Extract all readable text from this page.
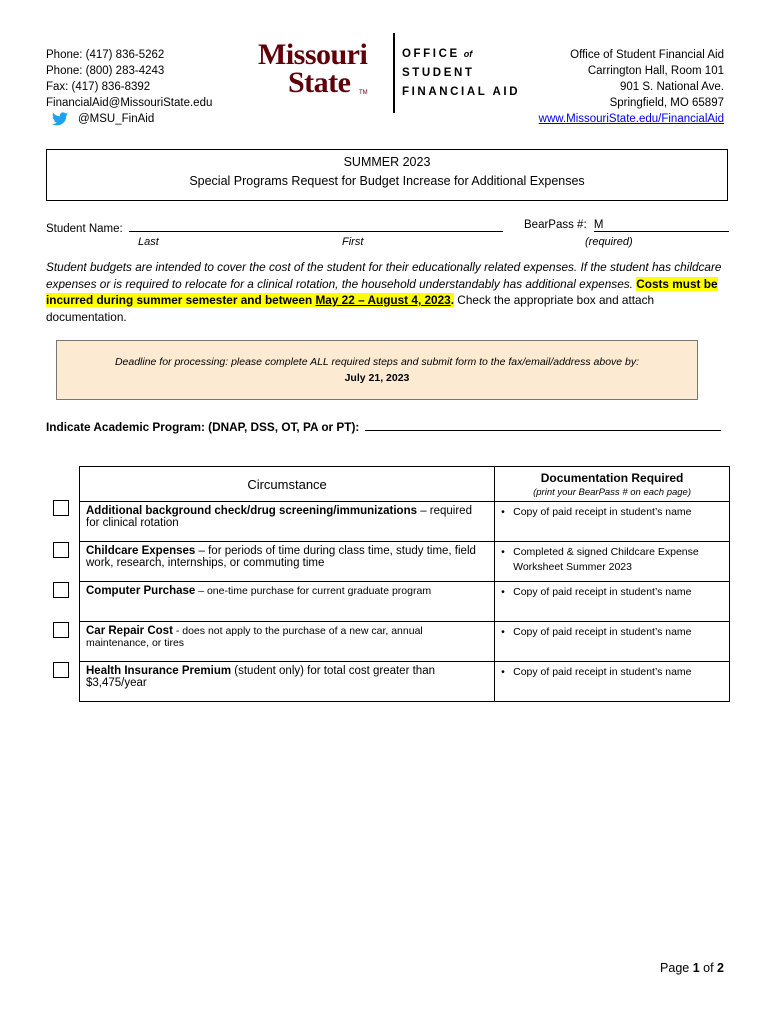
Phone: (417) 836-5262
Phone: (800) 283-4243
Fax: (417) 836-8392
FinancialAid@MissouriState.edu
@MSU_FinAid
Missouri
State TM
OFFICE of
STUDENT
FINANCIAL AID
Office of Student Financial Aid
Carrington Hall, Room 101
901 S. National Ave.
Springfield, MO 65897
www.MissouriState.edu/FinancialAid
SUMMER 2023
Special Programs Request for Budget Increase for Additional Expenses
Student Name:
Last	First
BearPass #: M
(required)
Student budgets are intended to cover the cost of the student for their educationally related expenses. If the student has childcare expenses or is required to relocate for a clinical rotation, the household understandably has additional expenses. Costs must be incurred during summer semester and between May 22 – August 4, 2023. Check the appropriate box and attach documentation.
Deadline for processing: please complete ALL required steps and submit form to the fax/email/address above by:
July 21, 2023
Indicate Academic Program: (DNAP, DSS, OT, PA or PT):
Circumstance	Documentation Required
(print your BearPass # on each page)

Additional background check/drug screening/immunizations – required for clinical rotation	• Copy of paid receipt in student’s name

Childcare Expenses – for periods of time during class time, study time, field work, research, internships, or commuting time	• Completed & signed Childcare Expense Worksheet Summer 2023

Computer Purchase – one-time purchase for current graduate program	• Copy of paid receipt in student’s name

Car Repair Cost - does not apply to the purchase of a new car, annual maintenance, or tires	• Copy of paid receipt in student’s name

Health Insurance Premium (student only) for total cost greater than $3,475/year	• Copy of paid receipt in student’s name
Page 1 of 2
